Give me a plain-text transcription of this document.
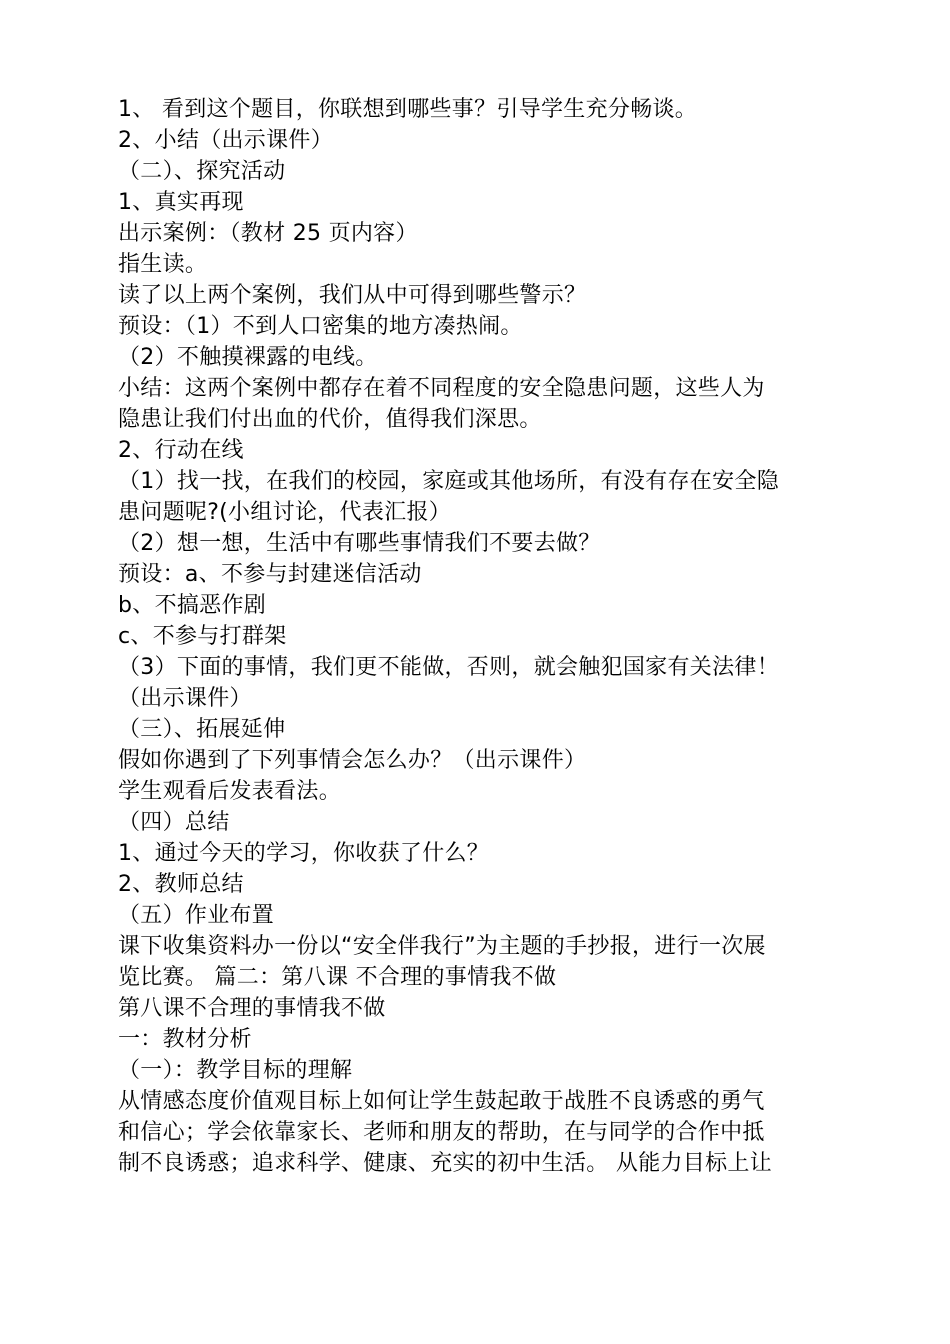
1、 看到这个题目，你联想到哪些事？引导学生充分畅谈。
2、小结（出示课件）
（二）、探究活动
1、真实再现
出示案例：（教材 25 页内容）
指生读。
读了以上两个案例，我们从中可得到哪些警示？
预设：（1）不到人口密集的地方凑热闹。
（2）不触摸裸露的电线。
小结：这两个案例中都存在着不同程度的安全隐患问题，这些人为
隐患让我们付出血的代价，值得我们深思。
2、行动在线
（1）找一找，在我们的校园，家庭或其他场所，有没有存在安全隐
患问题呢?(小组讨论，代表汇报）
（2）想一想，生活中有哪些事情我们不要去做？
预设：a、不参与封建迷信活动
b、不搞恶作剧
c、不参与打群架
（3）下面的事情，我们更不能做，否则，就会触犯国家有关法律！
（出示课件）
（三）、拓展延伸
假如你遇到了下列事情会怎么办？（出示课件）
学生观看后发表看法。
（四）总结
1、通过今天的学习，你收获了什么？
2、教师总结
（五）作业布置
课下收集资料办一份以“安全伴我行”为主题的手抄报，进行一次展
览比赛。 篇二：第八课 不合理的事情我不做
第八课不合理的事情我不做
一：教材分析
（一）：教学目标的理解
从情感态度价值观目标上如何让学生鼓起敢于战胜不良诱惑的勇气
和信心；学会依靠家长、老师和朋友的帮助，在与同学的合作中抵
制不良诱惑；追求科学、健康、充实的初中生活。 从能力目标上让
